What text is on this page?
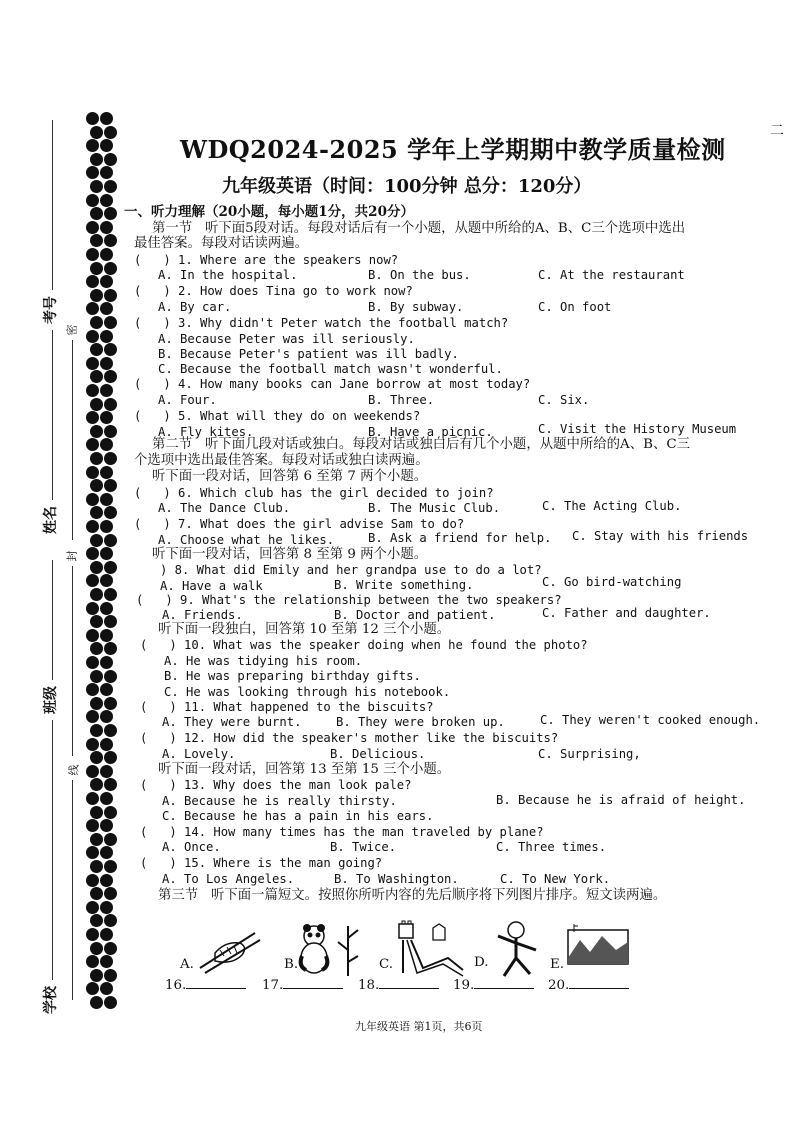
考号
姓名
班级
学校
密
封
线
二
WDQ2024-2025 学年上学期期中教学质量检测
九年级英语（时间：100分钟 总分：120分）
一、听力理解（20小题，每小题1分，共20分）
第一节   听下面5段对话。每段对话后有一个小题，从题中所给的A、B、C三个选项中选出
最佳答案。每段对话读两遍。
(   ) 1. Where are the speakers now?
A. In the hospital.	B. On the bus.	C. At the restaurant
(   ) 2. How does Tina go to work now?
A. By car.	B. By subway.	C. On foot
(   ) 3. Why didn't Peter watch the football match?
A. Because Peter was ill seriously.
B. Because Peter's patient was ill badly.
C. Because the football match wasn't wonderful.
(   ) 4. How many books can Jane borrow at most today?
A. Four.	B. Three.	C. Six.
(   ) 5. What will they do on weekends?
A. Fly kites.	B. Have a picnic.	C. Visit the History Museum
第二节   听下面几段对话或独白。每段对话或独白后有几个小题，从题中所给的A、B、C三
个选项中选出最佳答案。每段对话或独白读两遍。
听下面一段对话，回答第 6 至第 7 两个小题。
(   ) 6. Which club has the girl decided to join?
A. The Dance Club.	B. The Music Club.	C. The Acting Club.
(   ) 7. What does the girl advise Sam to do?
A. Choose what he likes.	B. Ask a friend for help. C. Stay with his friends
听下面一段对话，回答第 8 至第 9 两个小题。
) 8. What did Emily and her grandpa use to do a lot?
A. Have a walk	B. Write something.	C. Go bird-watching
(   ) 9. What's the relationship between the two speakers?
A. Friends.	B. Doctor and patient.	C. Father and daughter.
听下面一段独白，回答第 10 至第 12 三个小题。
(   ) 10. What was the speaker doing when he found the photo?
A. He was tidying his room.
B. He was preparing birthday gifts.
C. He was looking through his notebook.
(   ) 11. What happened to the biscuits?
A. They were burnt.	B. They were broken up.	C. They weren't cooked enough.
(   ) 12. How did the speaker's mother like the biscuits?
A. Lovely.	B. Delicious.	C. Surprising,
听下面一段对话，回答第 13 至第 15 三个小题。
(   ) 13. Why does the man look pale?
A. Because he is really thirsty.	B. Because he is afraid of height.
C. Because he has a pain in his ears.
(   ) 14. How many times has the man traveled by plane?
A. Once.	B. Twice.	C. Three times.
(   ) 15. Where is the man going?
A. To Los Angeles.	B. To Washington.	C. To New York.
第三节   听下面一篇短文。按照你所听内容的先后顺序将下列图片排序。短文读两遍。
A.	B.	C.	D.	E.
16.	17.	18.	19.	20.
九年级英语 第1页，共6页
